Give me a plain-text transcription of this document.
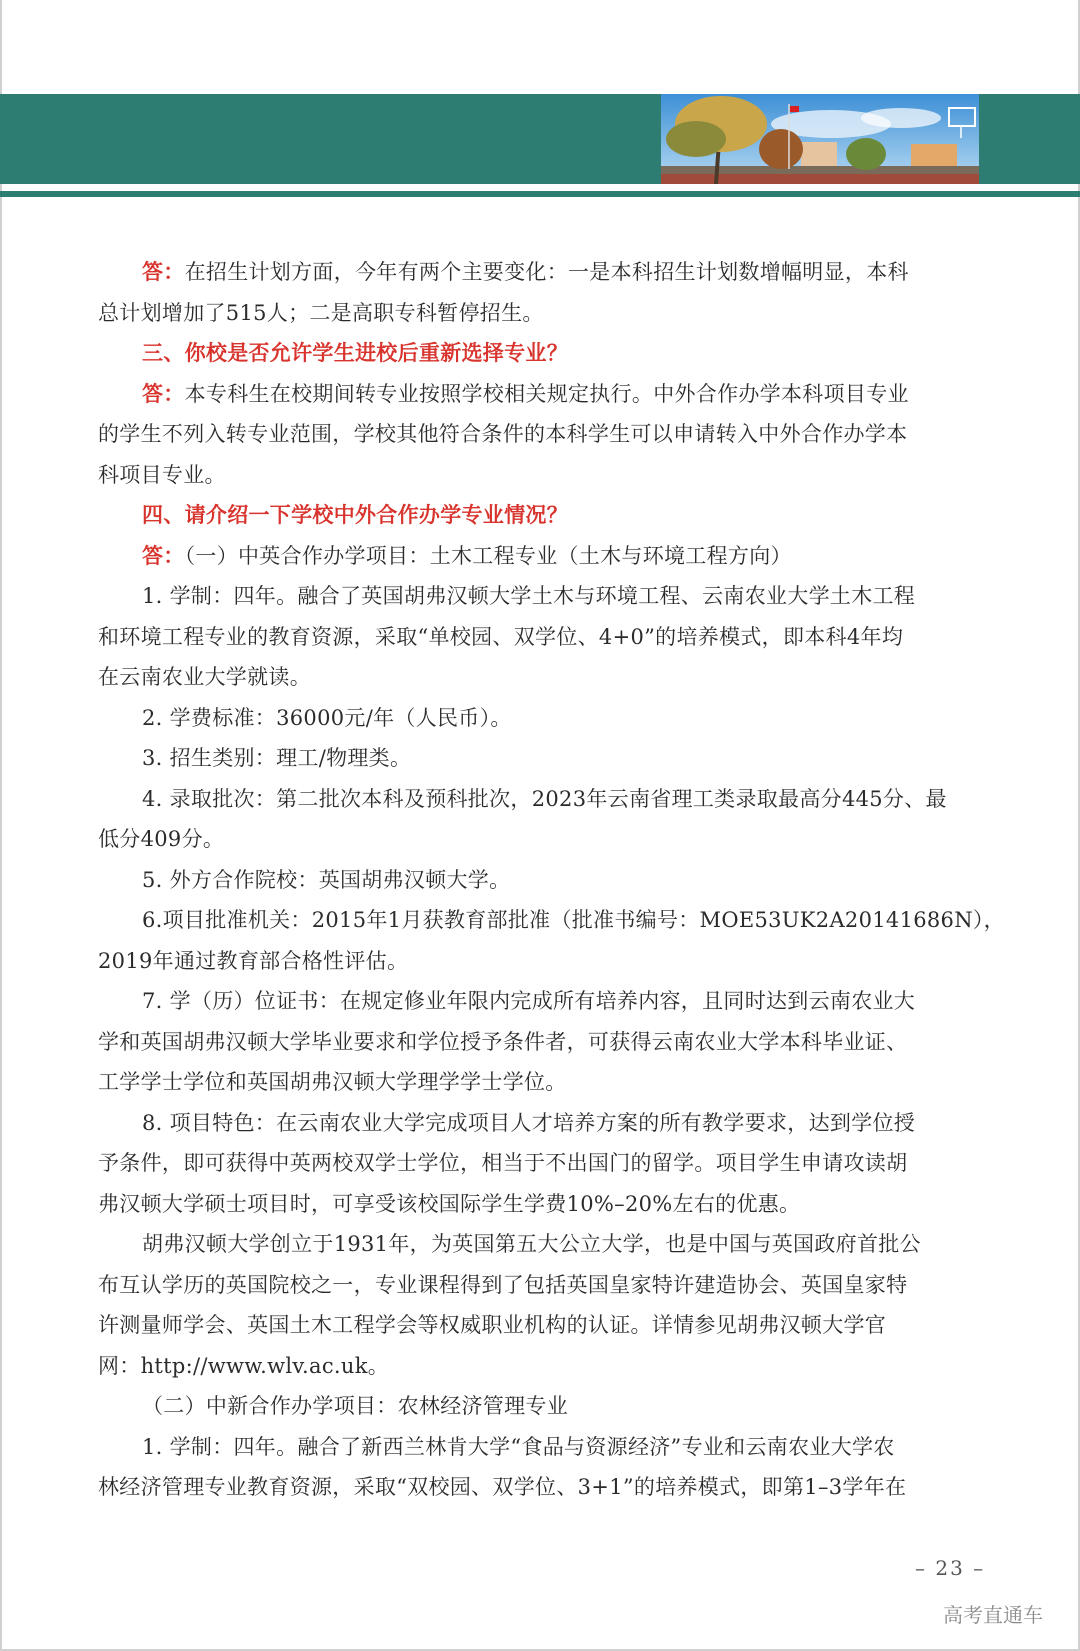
答：在招生计划方面，今年有两个主要变化：一是本科招生计划数增幅明显，本科

总计划增加了515人；二是高职专科暂停招生。

三、你校是否允许学生进校后重新选择专业？

答：本专科生在校期间转专业按照学校相关规定执行。中外合作办学本科项目专业

的学生不列入转专业范围，学校其他符合条件的本科学生可以申请转入中外合作办学本

科项目专业。

四、请介绍一下学校中外合作办学专业情况？

答：（一）中英合作办学项目：土木工程专业（土木与环境工程方向）

1. 学制：四年。融合了英国胡弗汉顿大学土木与环境工程、云南农业大学土木工程

和环境工程专业的教育资源，采取“单校园、双学位、4+0”的培养模式，即本科4年均

在云南农业大学就读。

2. 学费标准：36000元/年（人民币）。

3. 招生类别：理工/物理类。

4. 录取批次：第二批次本科及预科批次，2023年云南省理工类录取最高分445分、最

低分409分。

5. 外方合作院校：英国胡弗汉顿大学。

6.项目批准机关：2015年1月获教育部批准（批准书编号：MOE53UK2A20141686N），

2019年通过教育部合格性评估。

7. 学（历）位证书：在规定修业年限内完成所有培养内容，且同时达到云南农业大

学和英国胡弗汉顿大学毕业要求和学位授予条件者，可获得云南农业大学本科毕业证、

工学学士学位和英国胡弗汉顿大学理学学士学位。

8. 项目特色：在云南农业大学完成项目人才培养方案的所有教学要求，达到学位授

予条件，即可获得中英两校双学士学位，相当于不出国门的留学。项目学生申请攻读胡

弗汉顿大学硕士项目时，可享受该校国际学生学费10%–20%左右的优惠。

胡弗汉顿大学创立于1931年，为英国第五大公立大学，也是中国与英国政府首批公

布互认学历的英国院校之一，专业课程得到了包括英国皇家特许建造协会、英国皇家特

许测量师学会、英国土木工程学会等权威职业机构的认证。详情参见胡弗汉顿大学官

网：http://www.wlv.ac.uk。

（二）中新合作办学项目：农林经济管理专业

1. 学制：四年。融合了新西兰林肯大学“食品与资源经济”专业和云南农业大学农

林经济管理专业教育资源，采取“双校园、双学位、3+1”的培养模式，即第1–3学年在

– 23 –
高考直通车
